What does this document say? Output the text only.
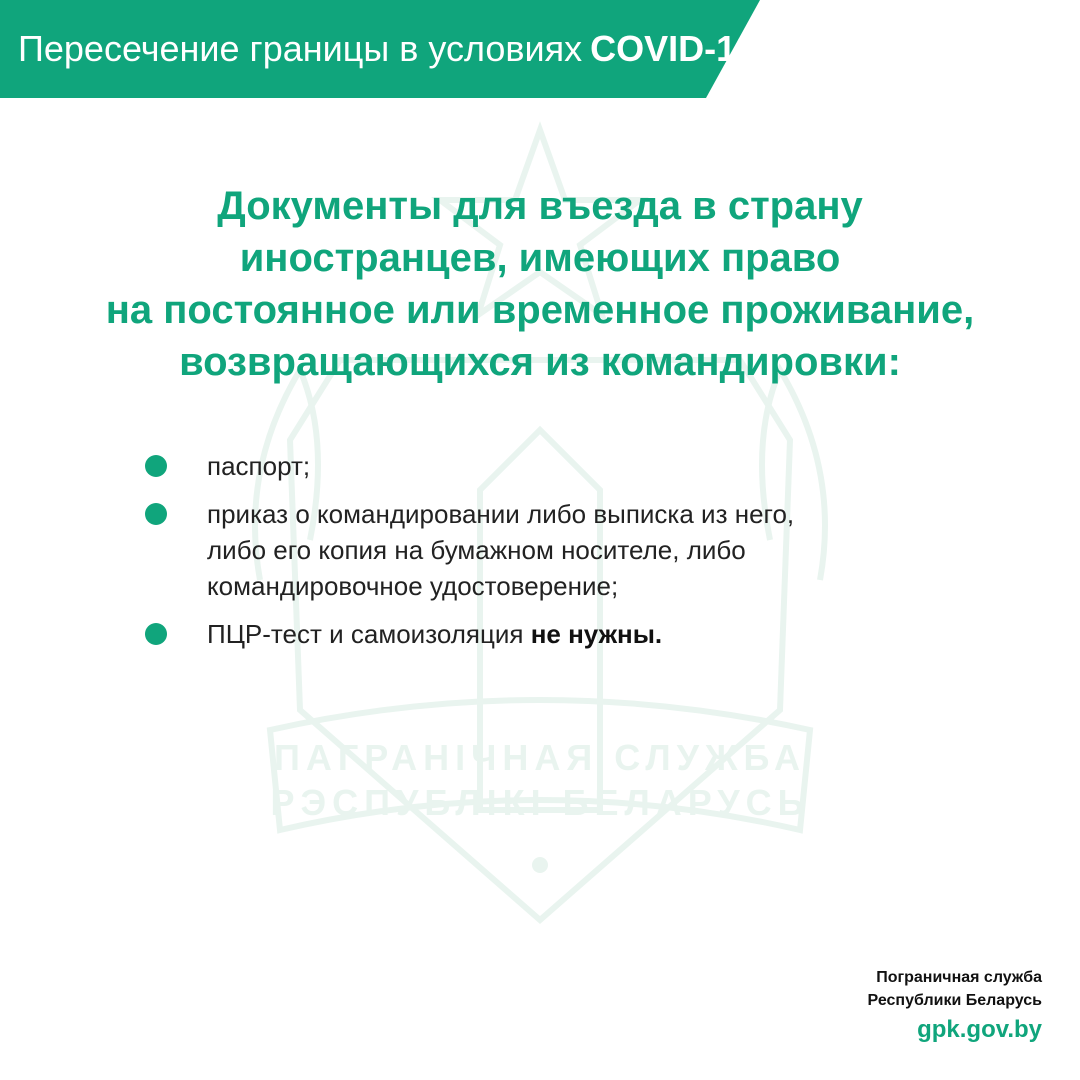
ПАГРАНІЧНАЯ СЛУЖБА
РЭСПУБЛІКІ БЕЛАРУСЬ
Пересечение границы в условиях COVID-19
Документы для въезда в страну
иностранцев, имеющих право
на постоянное или временное проживание,
возвращающихся из командировки:
паспорт;
приказ о командировании либо выписка из него,
либо его копия на бумажном носителе, либо
командировочное удостоверение;
ПЦР-тест и самоизоляция не нужны.
Пограничная служба
Республики Беларусь
gpk.gov.by
